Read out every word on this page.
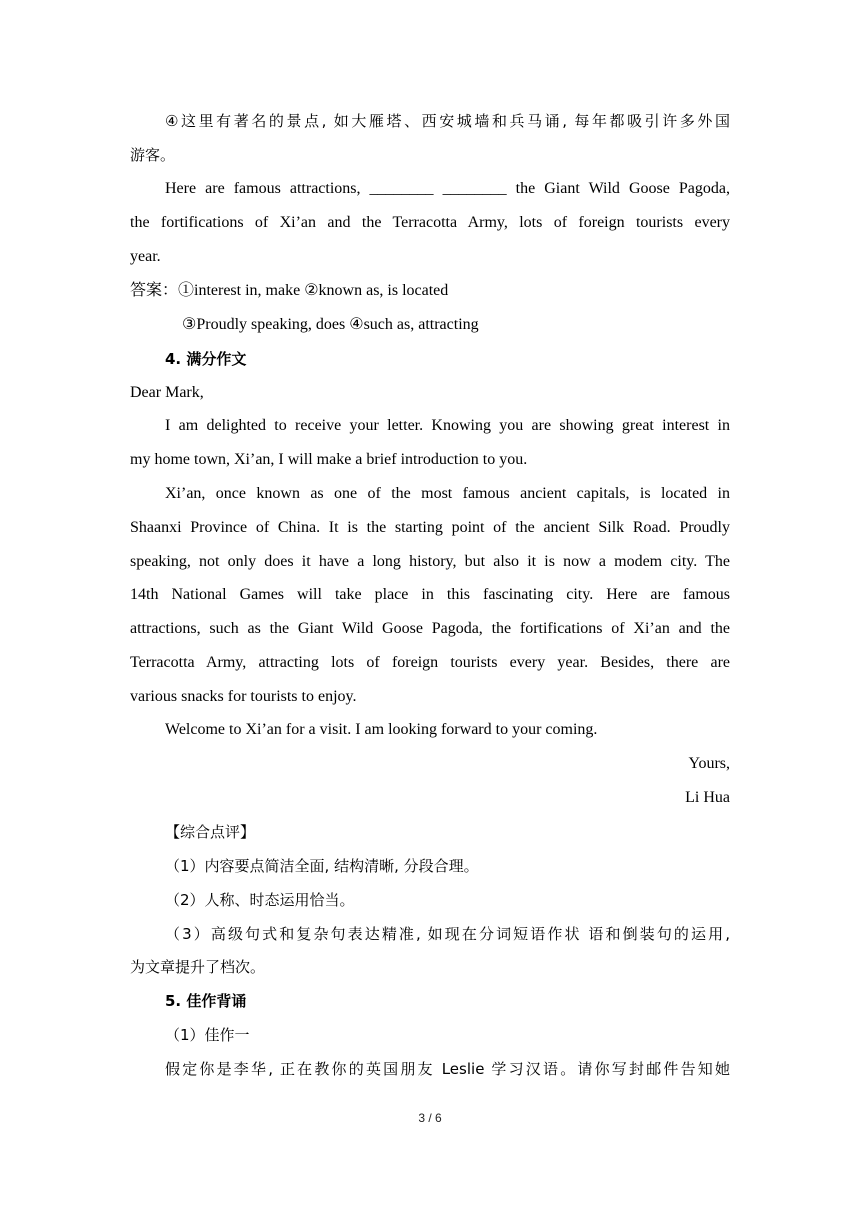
④这里有著名的景点, 如大雁塔、西安城墙和兵马诵, 每年都吸引许多外国
游客。
Here are famous attractions, ________ ________ the Giant Wild Goose Pagoda,
the fortifications of Xi’an and the Terracotta Army, lots of foreign tourists every
year.
答案：①interest in, make ②known as, is located
③Proudly speaking, does ④such as, attracting
4. 满分作文
Dear Mark,
I am delighted to receive your letter. Knowing you are showing great interest in
my home town, Xi’an, I will make a brief introduction to you.
Xi’an, once known as one of the most famous ancient capitals, is located in
Shaanxi Province of China. It is the starting point of the ancient Silk Road. Proudly
speaking, not only does it have a long history, but also it is now a modem city. The
14th National Games will take place in this fascinating city. Here are famous
attractions, such as the Giant Wild Goose Pagoda, the fortifications of Xi’an and the
Terracotta Army, attracting lots of foreign tourists every year. Besides, there are
various snacks for tourists to enjoy.
Welcome to Xi’an for a visit. I am looking forward to your coming.
Yours,
Li Hua
【综合点评】
（1）内容要点简洁全面, 结构清晰, 分段合理。
（2）人称、时态运用恰当。
（3）高级句式和复杂句表达精准, 如现在分词短语作状 语和倒装句的运用,
为文章提升了档次。
5. 佳作背诵
（1）佳作一
假定你是李华, 正在教你的英国朋友 Leslie 学习汉语。请你写封邮件告知她
3 / 6
